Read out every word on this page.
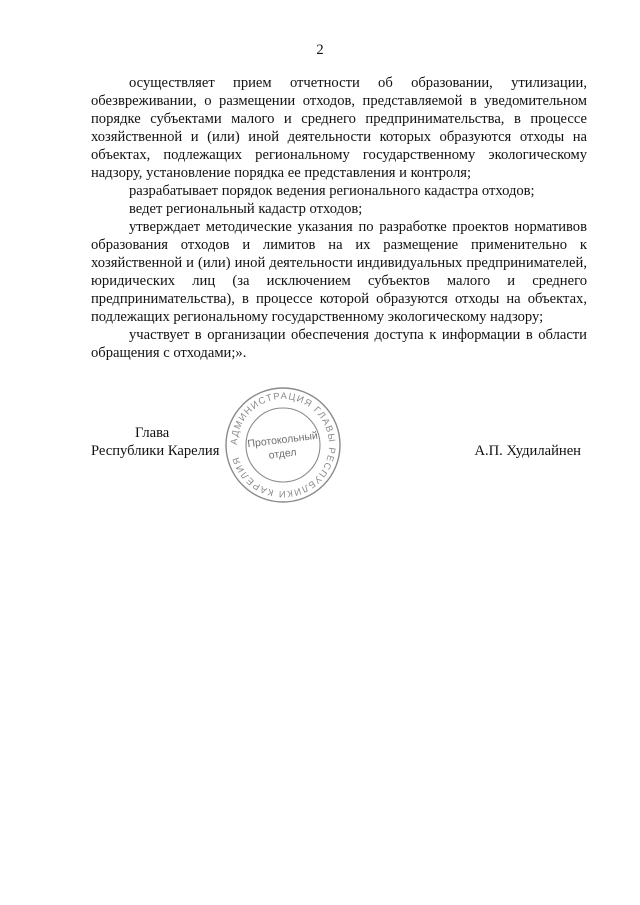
2

осуществляет прием отчетности об образовании, утилизации, обезвреживании, о размещении отходов, представляемой в уведомительном порядке субъектами малого и среднего предпринимательства, в процессе хозяйственной и (или) иной деятельности которых образуются отходы на объектах, подлежащих региональному государственному экологическому надзору, установление порядка ее представления и контроля;

разрабатывает порядок ведения регионального кадастра отходов;

ведет региональный кадастр отходов;

утверждает методические указания по разработке проектов нормативов образования отходов и лимитов на их размещение применительно к хозяйственной и (или) иной деятельности индивидуальных предпринимателей, юридических лиц (за исключением субъектов малого и среднего предпринимательства), в процессе которой образуются отходы на объектах, подлежащих региональному государственному экологическому надзору;

участвует в организации обеспечения доступа к информации в области обращения с отходами;».

Глава
Республики Карелия	А.П. Худилайнен
АДМИНИСТРАЦИЯ ГЛАВЫ РЕСПУБЛИКИ КАРЕЛИЯ
Протокольный
отдел
